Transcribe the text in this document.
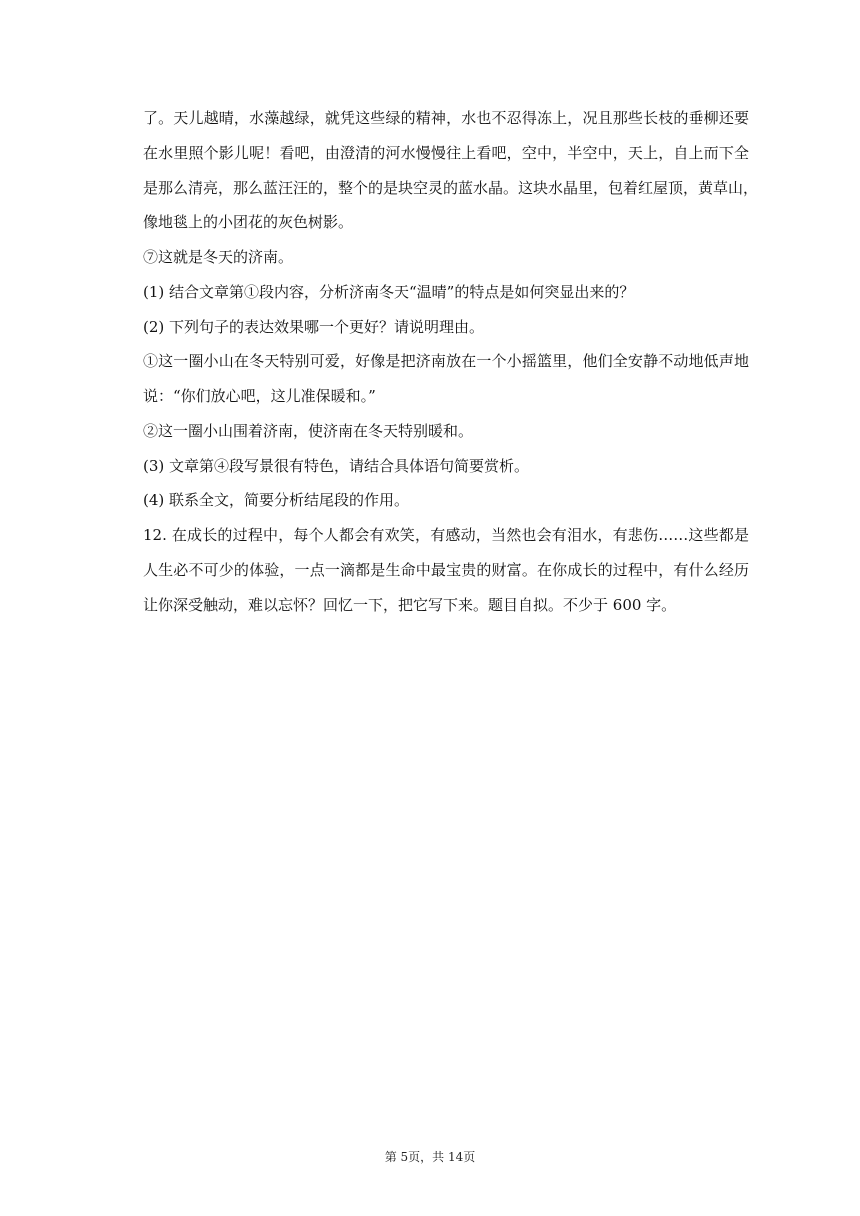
了。天儿越晴，水藻越绿，就凭这些绿的精神，水也不忍得冻上，况且那些长枝的垂柳还要
在水里照个影儿呢！看吧，由澄清的河水慢慢往上看吧，空中，半空中，天上，自上而下全
是那么清亮，那么蓝汪汪的，整个的是块空灵的蓝水晶。这块水晶里，包着红屋顶，黄草山，
像地毯上的小团花的灰色树影。
⑦这就是冬天的济南。
(1) 结合文章第①段内容，分析济南冬天“温晴”的特点是如何突显出来的？
(2) 下列句子的表达效果哪一个更好？请说明理由。
①这一圈小山在冬天特别可爱，好像是把济南放在一个小摇篮里，他们全安静不动地低声地
说：“你们放心吧，这儿准保暖和。”
②这一圈小山围着济南，使济南在冬天特别暖和。
(3) 文章第④段写景很有特色，请结合具体语句简要赏析。
(4) 联系全文，简要分析结尾段的作用。
12. 在成长的过程中，每个人都会有欢笑，有感动，当然也会有泪水，有悲伤……这些都是
人生必不可少的体验，一点一滴都是生命中最宝贵的财富。在你成长的过程中，有什么经历
让你深受触动，难以忘怀？回忆一下，把它写下来。题目自拟。不少于 600 字。
第 5页，共 14页
